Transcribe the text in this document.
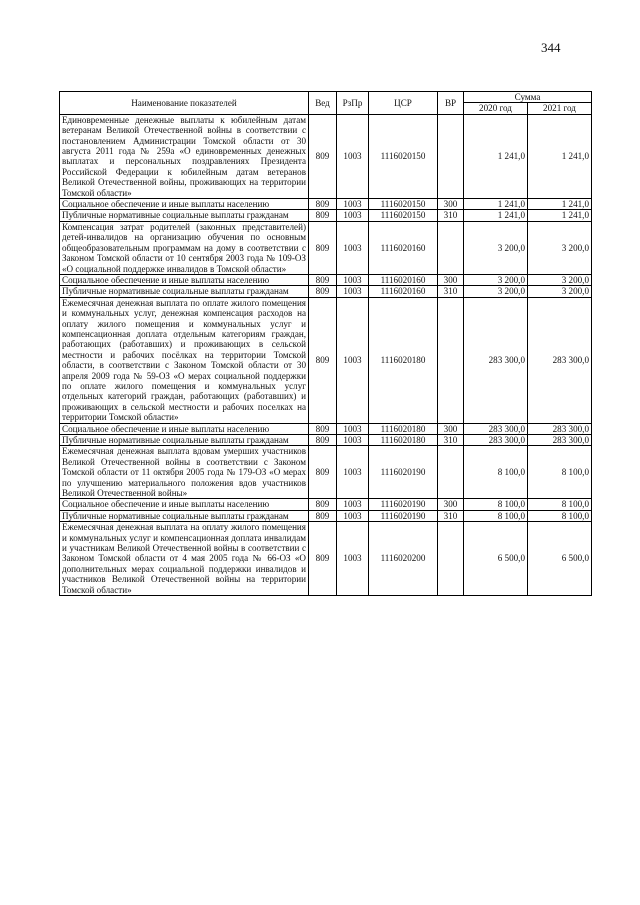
344
Наименование показателей	Вед	РзПр	ЦСР	ВР	Сумма	
					2020 год	2021 год
Единовременные денежные выплаты к юбилейным датам ветеранам Великой Отечественной войны в соответствии с постановлением Администрации Томской области от 30 августа 2011 года № 259а «О единовременных денежных выплатах и персональных поздравлениях Президента Российской Федерации к юбилейным датам ветеранов Великой Отечественной войны, проживающих на территории Томской области»	809	1003	1116020150		1 241,0	1 241,0
Социальное обеспечение и иные выплаты населению	809	1003	1116020150	300	1 241,0	1 241,0
Публичные нормативные социальные выплаты гражданам	809	1003	1116020150	310	1 241,0	1 241,0
Компенсация затрат родителей (законных представителей) детей-инвалидов на организацию обучения по основным общеобразовательным программам на дому в соответствии с Законом Томской области от 10 сентября 2003 года № 109-ОЗ «О социальной поддержке инвалидов в Томской области»	809	1003	1116020160		3 200,0	3 200,0
Социальное обеспечение и иные выплаты населению	809	1003	1116020160	300	3 200,0	3 200,0
Публичные нормативные социальные выплаты гражданам	809	1003	1116020160	310	3 200,0	3 200,0
Ежемесячная денежная выплата по оплате жилого помещения и коммунальных услуг, денежная компенсация расходов на оплату жилого помещения и коммунальных услуг и компенсационная доплата отдельным категориям граждан, работающих (работавших) и проживающих в сельской местности и рабочих посёлках на территории Томской области, в соответствии с Законом Томской области от 30 апреля 2009 года № 59-ОЗ «О мерах социальной поддержки по оплате жилого помещения и коммунальных услуг отдельных категорий граждан, работающих (работавших) и проживающих в сельской местности и рабочих поселках на территории Томской области»	809	1003	1116020180		283 300,0	283 300,0
Социальное обеспечение и иные выплаты населению	809	1003	1116020180	300	283 300,0	283 300,0
Публичные нормативные социальные выплаты гражданам	809	1003	1116020180	310	283 300,0	283 300,0
Ежемесячная денежная выплата вдовам умерших участников Великой Отечественной войны в соответствии с Законом Томской области от 11 октября 2005 года № 179-ОЗ «О мерах по улучшению материального положения вдов участников Великой Отечественной войны»	809	1003	1116020190		8 100,0	8 100,0
Социальное обеспечение и иные выплаты населению	809	1003	1116020190	300	8 100,0	8 100,0
Публичные нормативные социальные выплаты гражданам	809	1003	1116020190	310	8 100,0	8 100,0
Ежемесячная денежная выплата на оплату жилого помещения и коммунальных услуг и компенсационная доплата инвалидам и участникам Великой Отечественной войны в соответствии с Законом Томской области от 4 мая 2005 года № 66-ОЗ «О дополнительных мерах социальной поддержки инвалидов и участников Великой Отечественной войны на территории Томской области»	809	1003	1116020200		6 500,0	6 500,0
